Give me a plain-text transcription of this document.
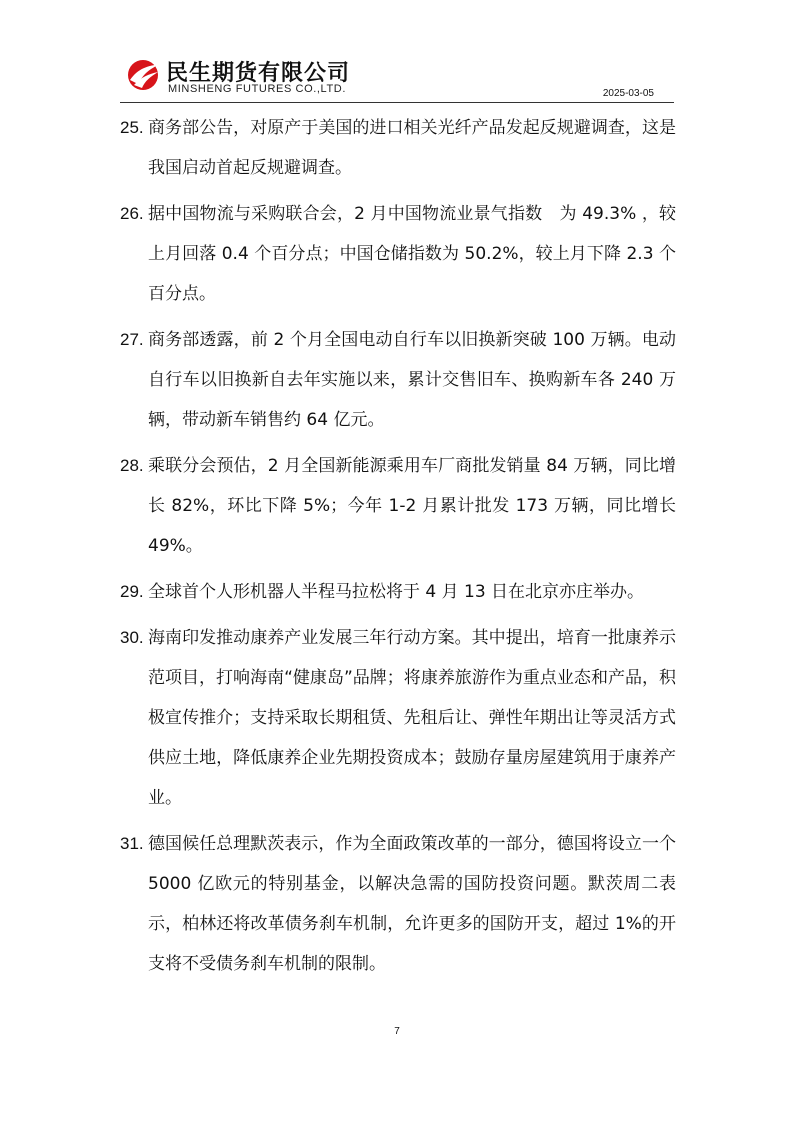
民生期货有限公司
MINSHENG FUTURES CO.,LTD.	2025-03-05
25. 商务部公告，对原产于美国的进口相关光纤产品发起反规避调查，这是我国启动首起反规避调查。
26. 据中国物流与采购联合会，2 月中国物流业景气指数　为 49.3% ，较上月回落 0.4 个百分点；中国仓储指数为 50.2%，较上月下降 2.3 个百分点。
27. 商务部透露，前 2 个月全国电动自行车以旧换新突破 100 万辆。电动自行车以旧换新自去年实施以来，累计交售旧车、换购新车各 240 万辆，带动新车销售约 64 亿元。
28. 乘联分会预估，2 月全国新能源乘用车厂商批发销量 84 万辆，同比增长 82%，环比下降 5%；今年 1-2 月累计批发 173 万辆，同比增长 49%。
29. 全球首个人形机器人半程马拉松将于 4 月 13 日在北京亦庄举办。
30. 海南印发推动康养产业发展三年行动方案。其中提出，培育一批康养示范项目，打响海南“健康岛”品牌；将康养旅游作为重点业态和产品，积极宣传推介；支持采取长期租赁、先租后让、弹性年期出让等灵活方式供应土地，降低康养企业先期投资成本；鼓励存量房屋建筑用于康养产业。
31. 德国候任总理默茨表示，作为全面政策改革的一部分，德国将设立一个 5000 亿欧元的特别基金，以解决急需的国防投资问题。默茨周二表示，柏林还将改革债务刹车机制，允许更多的国防开支，超过 1%的开支将不受债务刹车机制的限制。
7
